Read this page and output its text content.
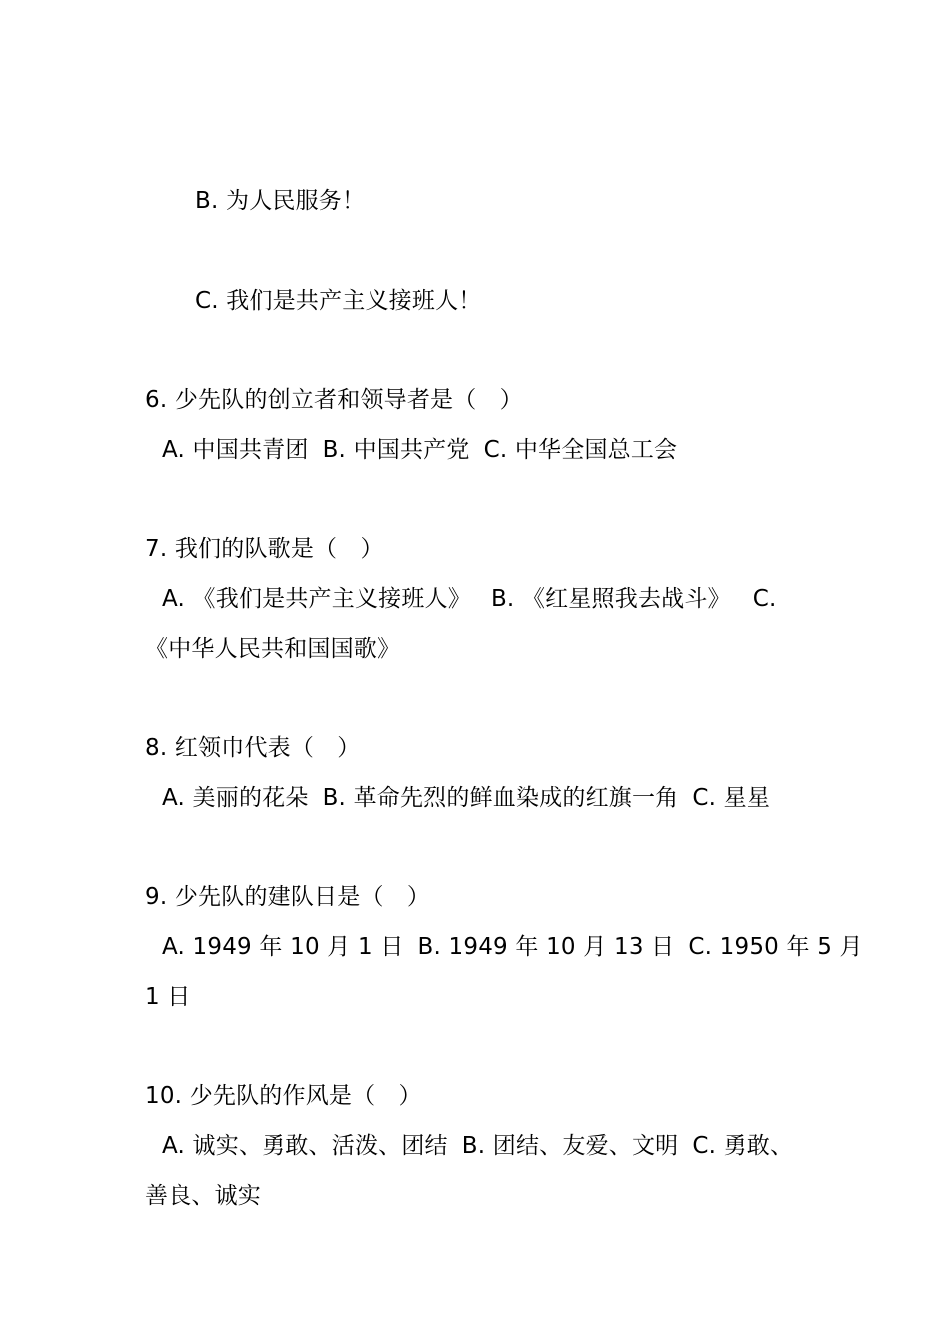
B. 为人民服务！
C. 我们是共产主义接班人！
6. 少先队的创立者和领导者是（　）
A. 中国共青团 B. 中国共产党 C. 中华全国总工会
7. 我们的队歌是（　）
A. 《我们是共产主义接班人》 B. 《红星照我去战斗》 C.
《中华人民共和国国歌》
8. 红领巾代表（　）
A. 美丽的花朵 B. 革命先烈的鲜血染成的红旗一角 C. 星星
9. 少先队的建队日是（　）
A. 1949 年 10 月 1 日 B. 1949 年 10 月 13 日 C. 1950 年 5 月
1 日
10. 少先队的作风是（　）
A. 诚实、勇敢、活泼、团结 B. 团结、友爱、文明 C. 勇敢、
善良、诚实
